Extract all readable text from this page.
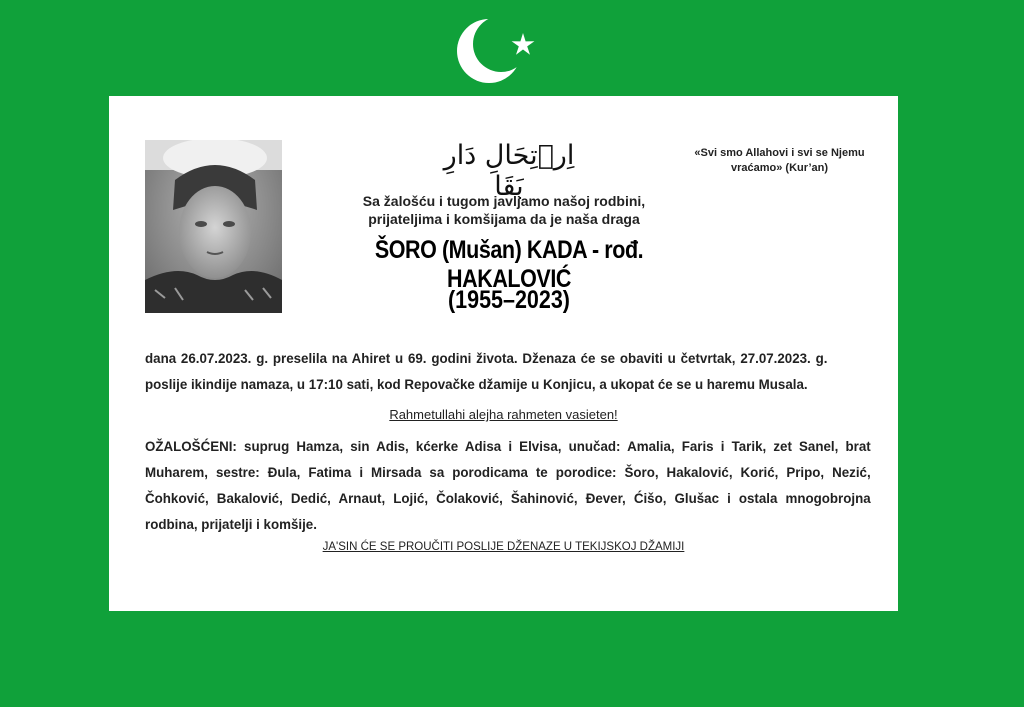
اِرۡتِحَالِ دَارِ بَقَا
«Svi smo Allahovi i svi se Njemu vraćamo» (Kur’an)
Sa žalošću i tugom javljamo našoj rodbini,
prijateljima i komšijama da je naša draga
ŠORO (Mušan) KADA - rođ. HAKALOVIĆ
(1955–2023)
dana 26.07.2023. g. preselila na Ahiret u 69. godini života. Dženaza će se obaviti u četvrtak, 27.07.2023. g. poslije ikindije namaza, u 17:10 sati, kod Repovačke džamije u Konjicu, a ukopat će se u haremu Musala.
Rahmetullahi alejha rahmeten vasieten!
OŽALOŠĆENI: suprug Hamza, sin Adis, kćerke Adisa i Elvisa, unučad: Amalia, Faris i Tarik, zet Sanel, brat Muharem, sestre: Đula, Fatima i Mirsada sa porodicama te porodice: Šoro, Hakalović, Korić, Pripo, Nezić, Čohković, Bakalović, Dedić, Arnaut, Lojić, Čolaković, Šahinović, Đever, Ćišo, Glušac i ostala mnogobrojna rodbina, prijatelji i komšije.
JA'SIN ĆE SE PROUČITI POSLIJE DŽENAZE U TEKIJSKOJ DŽAMIJI
